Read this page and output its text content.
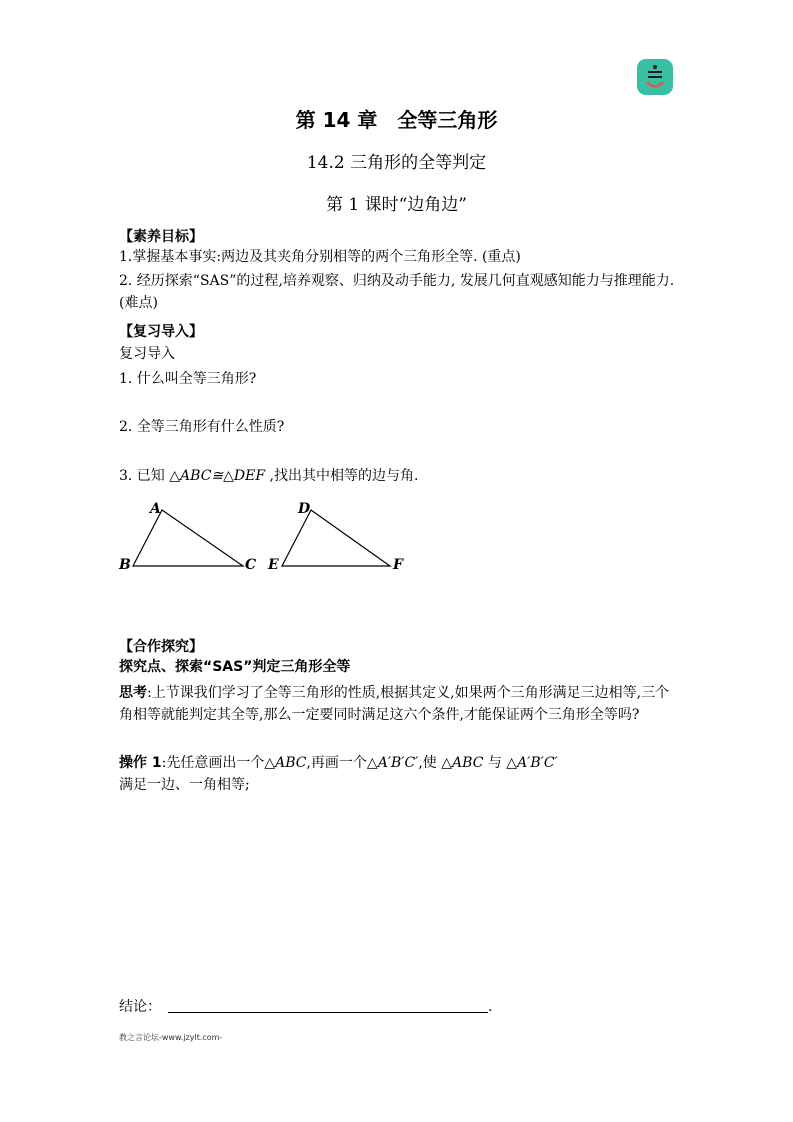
第 14 章　全等三角形
14.2 三角形的全等判定
第 1 课时“边角边”
【素养目标】
1.掌握基本事实:两边及其夹角分别相等的两个三角形全等. (重点)
2. 经历探索“SAS”的过程,培养观察、归纳及动手能力, 发展几何直观感知能力与推理能力.(难点)
【复习导入】
复习导入
1. 什么叫全等三角形?
2. 全等三角形有什么性质?
3. 已知 △ABC≅△DEF ,找出其中相等的边与角.
A
B	C
D
E	F
【合作探究】
探究点、探索“SAS”判定三角形全等
思考:上节课我们学习了全等三角形的性质,根据其定义,如果两个三角形满足三边相等,三个角相等就能判定其全等,那么一定要同时满足这六个条件,才能保证两个三角形全等吗?
操作 1:先任意画出一个△ABC,再画一个△A′B′C′,使 △ABC 与 △A′B′C′
满足一边、一角相等;
结论：	.
教之言论坛-www.jzylt.com-
